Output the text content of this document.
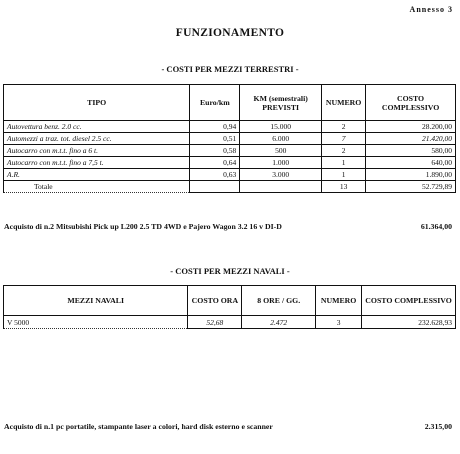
Annesso 3
FUNZIONAMENTO
- COSTI PER MEZZI TERRESTRI -
TIPO	Euro/km	KM (semestrali) PREVISTI	NUMERO	COSTO COMPLESSIVO
Autovettura benz. 2.0 cc.	0,94	15.000	2	28.200,00
Automezzi a traz. tot. diesel 2.5 cc.	0,51	6.000	7	21.420,00
Autocarro con m.t.t. fino a 6 t.	0,58	500	2	580,00
Autocarro con m.t.t. fino a 7,5 t.	0,64	1.000	1	640,00
A.R.	0,63	3.000	1	1.890,00
Totale			13	52.729,89
Acquisto di n.2 Mitsubishi Pick up L200 2.5 TD 4WD e Pajero Wagon 3.2 16 v DI-D	61.364,00
- COSTI PER MEZZI NAVALI -
MEZZI NAVALI	COSTO ORA	8 ORE / GG.	NUMERO	COSTO COMPLESSIVO
V 5000	52,68	2.472	3	232.628,93
Acquisto di n.1 pc portatile, stampante laser a colori, hard disk esterno e scanner	2.315,00
